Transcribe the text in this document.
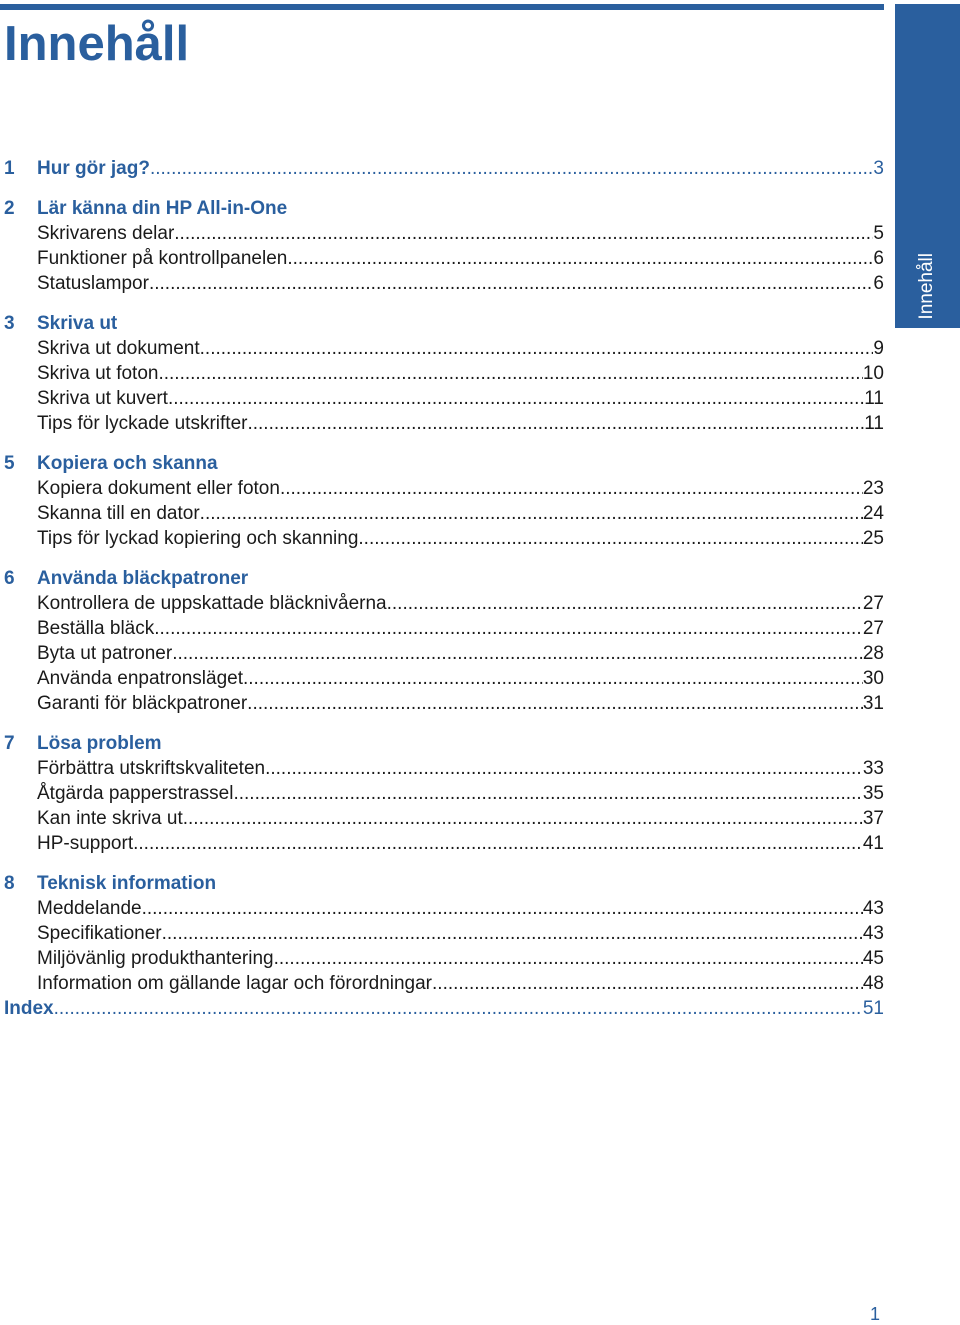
Innehåll
Innehåll
1	Hur gör jag? .....	3
2	Lär känna din HP All-in-One
Skrivarens delar .....	5
Funktioner på kontrollpanelen .....	6
Statuslampor .....	6
3	Skriva ut
Skriva ut dokument .....	9
Skriva ut foton .....	10
Skriva ut kuvert .....	11
Tips för lyckade utskrifter .....	11
5	Kopiera och skanna
Kopiera dokument eller foton .....	23
Skanna till en dator .....	24
Tips för lyckad kopiering och skanning .....	25
6	Använda bläckpatroner
Kontrollera de uppskattade bläcknivåerna .....	27
Beställa bläck .....	27
Byta ut patroner .....	28
Använda enpatronsläget .....	30
Garanti för bläckpatroner .....	31
7	Lösa problem
Förbättra utskriftskvaliteten .....	33
Åtgärda papperstrassel .....	35
Kan inte skriva ut .....	37
HP-support .....	41
8	Teknisk information
Meddelande .....	43
Specifikationer .....	43
Miljövänlig produkthantering .....	45
Information om gällande lagar och förordningar .....	48
Index .....	51
1
